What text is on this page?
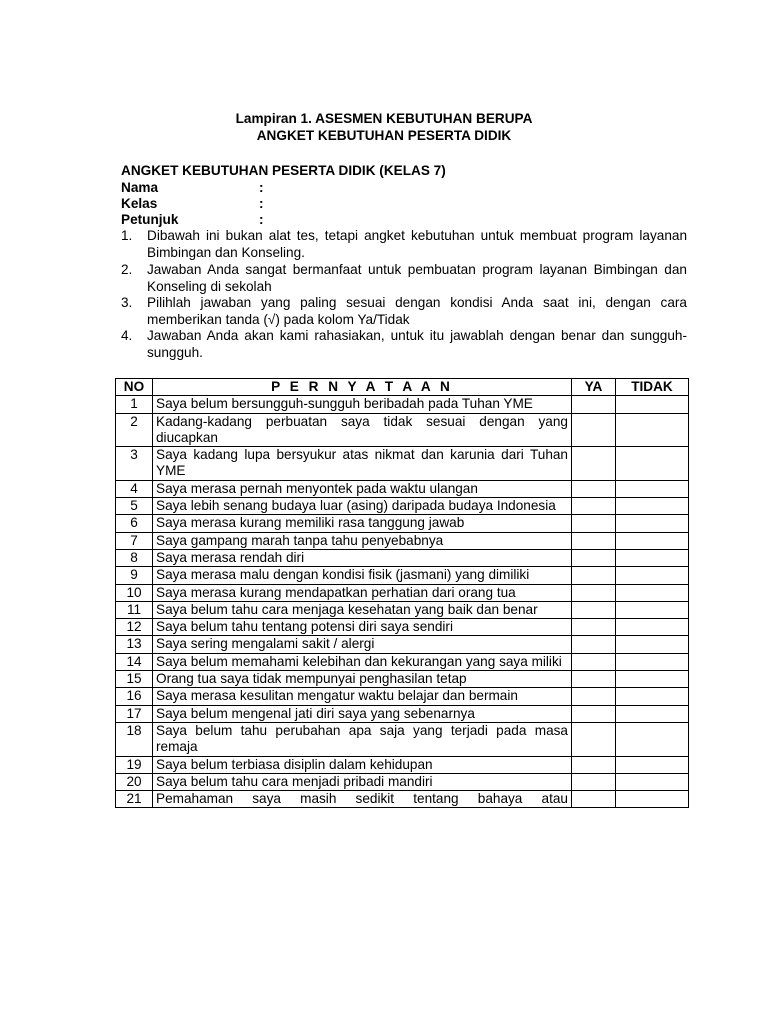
Lampiran 1. ASESMEN KEBUTUHAN BERUPA
ANGKET KEBUTUHAN PESERTA DIDIK
ANGKET KEBUTUHAN PESERTA DIDIK (KELAS 7)
Nama	:
Kelas	:
Petunjuk	:
1.	Dibawah ini bukan alat tes, tetapi angket kebutuhan untuk membuat program layanan Bimbingan dan Konseling.
2.	Jawaban Anda sangat bermanfaat untuk pembuatan program layanan Bimbingan dan Konseling di sekolah
3.	Pilihlah jawaban yang paling sesuai dengan kondisi Anda saat ini, dengan cara memberikan tanda (√) pada kolom Ya/Tidak
4.	Jawaban Anda akan kami rahasiakan, untuk itu jawablah dengan benar dan sungguh-sungguh.
NO	P E R N Y A T A A N	YA	TIDAK
1	Saya belum bersungguh-sungguh beribadah pada Tuhan YME		
2	Kadang-kadang perbuatan saya tidak sesuai dengan yang diucapkan		
3	Saya kadang lupa bersyukur atas nikmat dan karunia dari Tuhan YME		
4	Saya merasa pernah menyontek pada waktu ulangan		
5	Saya lebih senang budaya luar (asing) daripada budaya Indonesia		
6	Saya merasa kurang memiliki rasa tanggung jawab		
7	Saya gampang marah tanpa tahu penyebabnya		
8	Saya merasa rendah diri		
9	Saya merasa malu dengan kondisi fisik (jasmani) yang dimiliki		
10	Saya merasa kurang mendapatkan perhatian dari orang tua		
11	Saya belum tahu cara menjaga kesehatan yang baik dan benar		
12	Saya belum tahu tentang potensi diri saya sendiri		
13	Saya sering mengalami sakit / alergi		
14	Saya belum memahami kelebihan dan kekurangan yang saya miliki		
15	Orang tua saya tidak mempunyai penghasilan tetap		
16	Saya merasa kesulitan mengatur waktu belajar dan bermain		
17	Saya belum mengenal jati diri saya yang sebenarnya		
18	Saya belum tahu perubahan apa saja yang terjadi pada masa remaja		
19	Saya belum terbiasa disiplin dalam kehidupan		
20	Saya belum tahu cara menjadi pribadi mandiri		
21	Pemahaman saya masih sedikit tentang bahaya atau		
